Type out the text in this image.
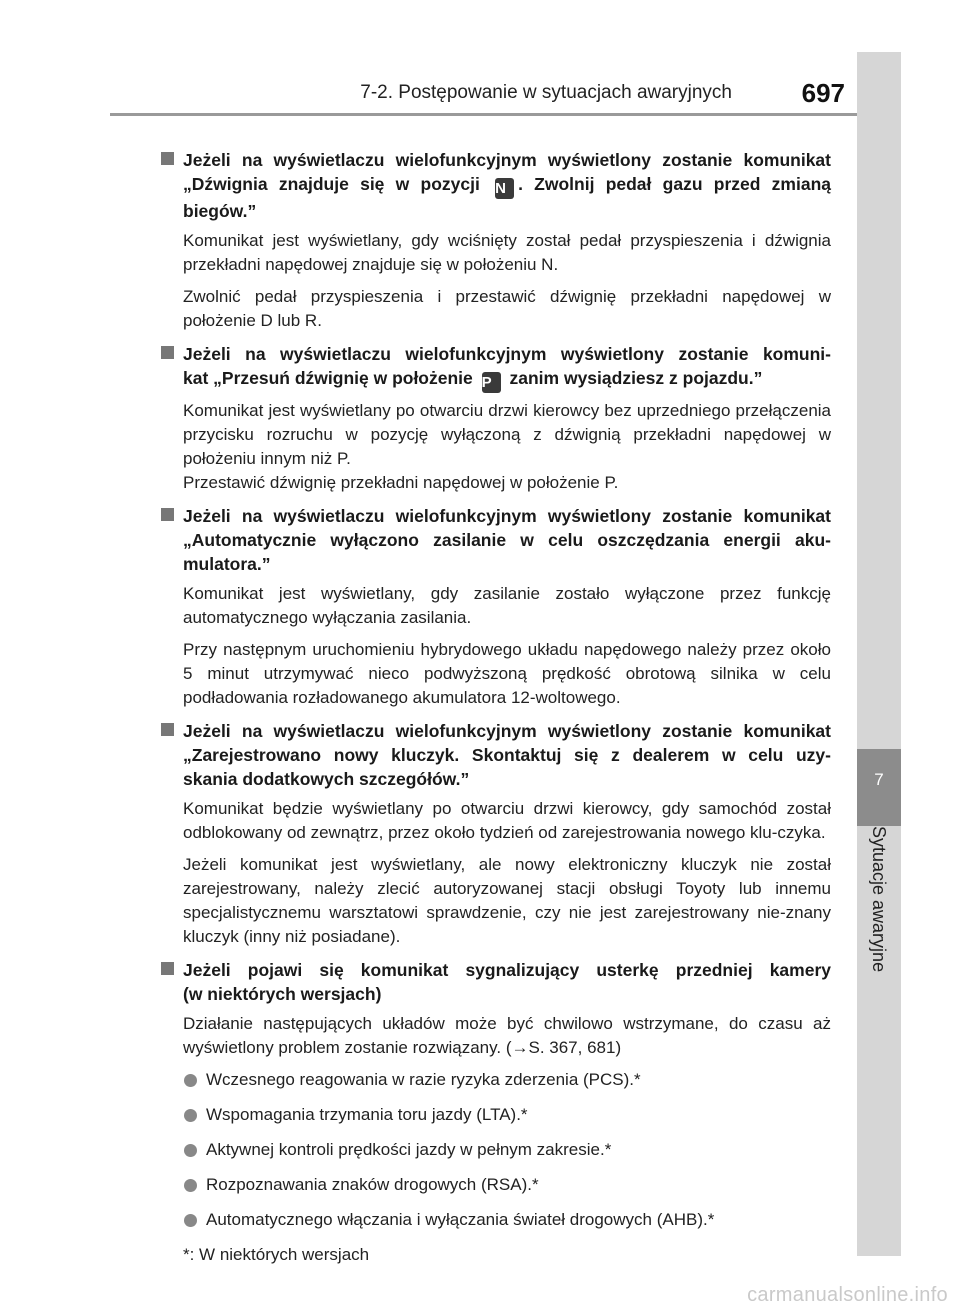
7-2. Postępowanie w sytuacjach awaryjnych	697
7
Sytuacje awaryjne
Jeżeli na wyświetlaczu wielofunkcyjnym wyświetlony zostanie komunikat
„Dźwignia znajduje się w pozycji N . Zwolnij pedał gazu przed zmianą
biegów.”
Komunikat jest wyświetlany, gdy wciśnięty został pedał przyspieszenia i dźwignia przekładni napędowej znajduje się w położeniu N.
Zwolnić pedał przyspieszenia i przestawić dźwignię przekładni napędowej w położenie D lub R.
Jeżeli na wyświetlaczu wielofunkcyjnym wyświetlony zostanie komuni-
kat „Przesuń dźwignię w położenie P zanim wysiądziesz z pojazdu.”
Komunikat jest wyświetlany po otwarciu drzwi kierowcy bez uprzedniego przełączenia przycisku rozruchu w pozycję wyłączoną z dźwignią przekładni napędowej w położeniu innym niż P.
Przestawić dźwignię przekładni napędowej w położenie P.
Jeżeli na wyświetlaczu wielofunkcyjnym wyświetlony zostanie komunikat
„Automatycznie wyłączono zasilanie w celu oszczędzania energii aku-
mulatora.”
Komunikat jest wyświetlany, gdy zasilanie zostało wyłączone przez funkcję automatycznego wyłączania zasilania.
Przy następnym uruchomieniu hybrydowego układu napędowego należy przez około 5 minut utrzymywać nieco podwyższoną prędkość obrotową silnika w celu podładowania rozładowanego akumulatora 12-woltowego.
Jeżeli na wyświetlaczu wielofunkcyjnym wyświetlony zostanie komunikat
„Zarejestrowano nowy kluczyk. Skontaktuj się z dealerem w celu uzy-
skania dodatkowych szczegółów.”
Komunikat będzie wyświetlany po otwarciu drzwi kierowcy, gdy samochód został odblokowany od zewnątrz, przez około tydzień od zarejestrowania nowego klu-czyka.
Jeżeli komunikat jest wyświetlany, ale nowy elektroniczny kluczyk nie został zarejestrowany, należy zlecić autoryzowanej stacji obsługi Toyoty lub innemu specjalistycznemu warsztatowi sprawdzenie, czy nie jest zarejestrowany nie-znany kluczyk (inny niż posiadane).
Jeżeli pojawi się komunikat sygnalizujący usterkę przedniej kamery
(w niektórych wersjach)
Działanie następujących układów może być chwilowo wstrzymane, do czasu aż wyświetlony problem zostanie rozwiązany. (→S. 367, 681)
Wczesnego reagowania w razie ryzyka zderzenia (PCS).*
Wspomagania trzymania toru jazdy (LTA).*
Aktywnej kontroli prędkości jazdy w pełnym zakresie.*
Rozpoznawania znaków drogowych (RSA).*
Automatycznego włączania i wyłączania świateł drogowych (AHB).*
*: W niektórych wersjach
carmanualsonline.info
